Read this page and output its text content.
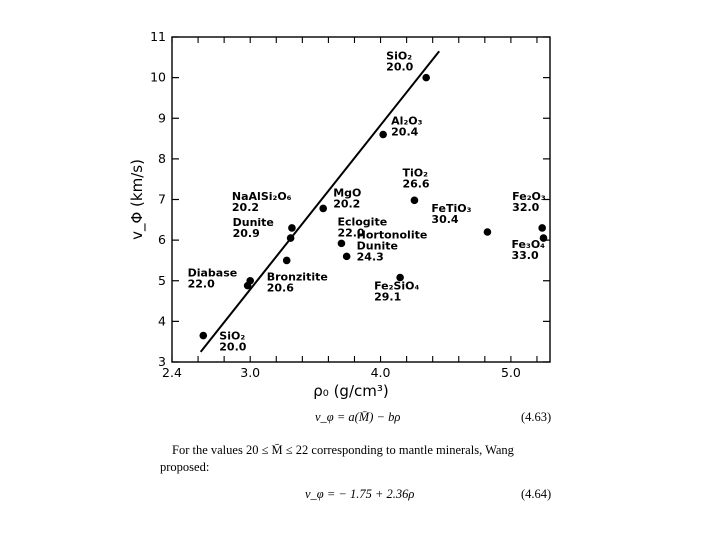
3
4
5
6
7
8
9
10
11
2.4	3.0	4.0	5.0
ρ₀ (g/cm³)
v_Φ (km/s)
SiO₂
20.0
Diabase
22.0
Bronzitite
20.6
Dunite
20.9
NaAlSi₂O₆
20.2
MgO
20.2
Eclogite
22.0
Hortonolite
Dunite
24.3
Al₂O₃
20.4
Fe₂SiO₄
29.1
TiO₂
26.6
SiO₂
20.0
FeTiO₃
30.4
Fe₂O₃
32.0
Fe₃O₄
33.0
v_φ = a(M̄) − bρ	(4.63)
For the values 20 ≤ M̄ ≤ 22 corresponding to mantle minerals, Wang
proposed:
v_φ = − 1.75 + 2.36ρ	(4.64)
